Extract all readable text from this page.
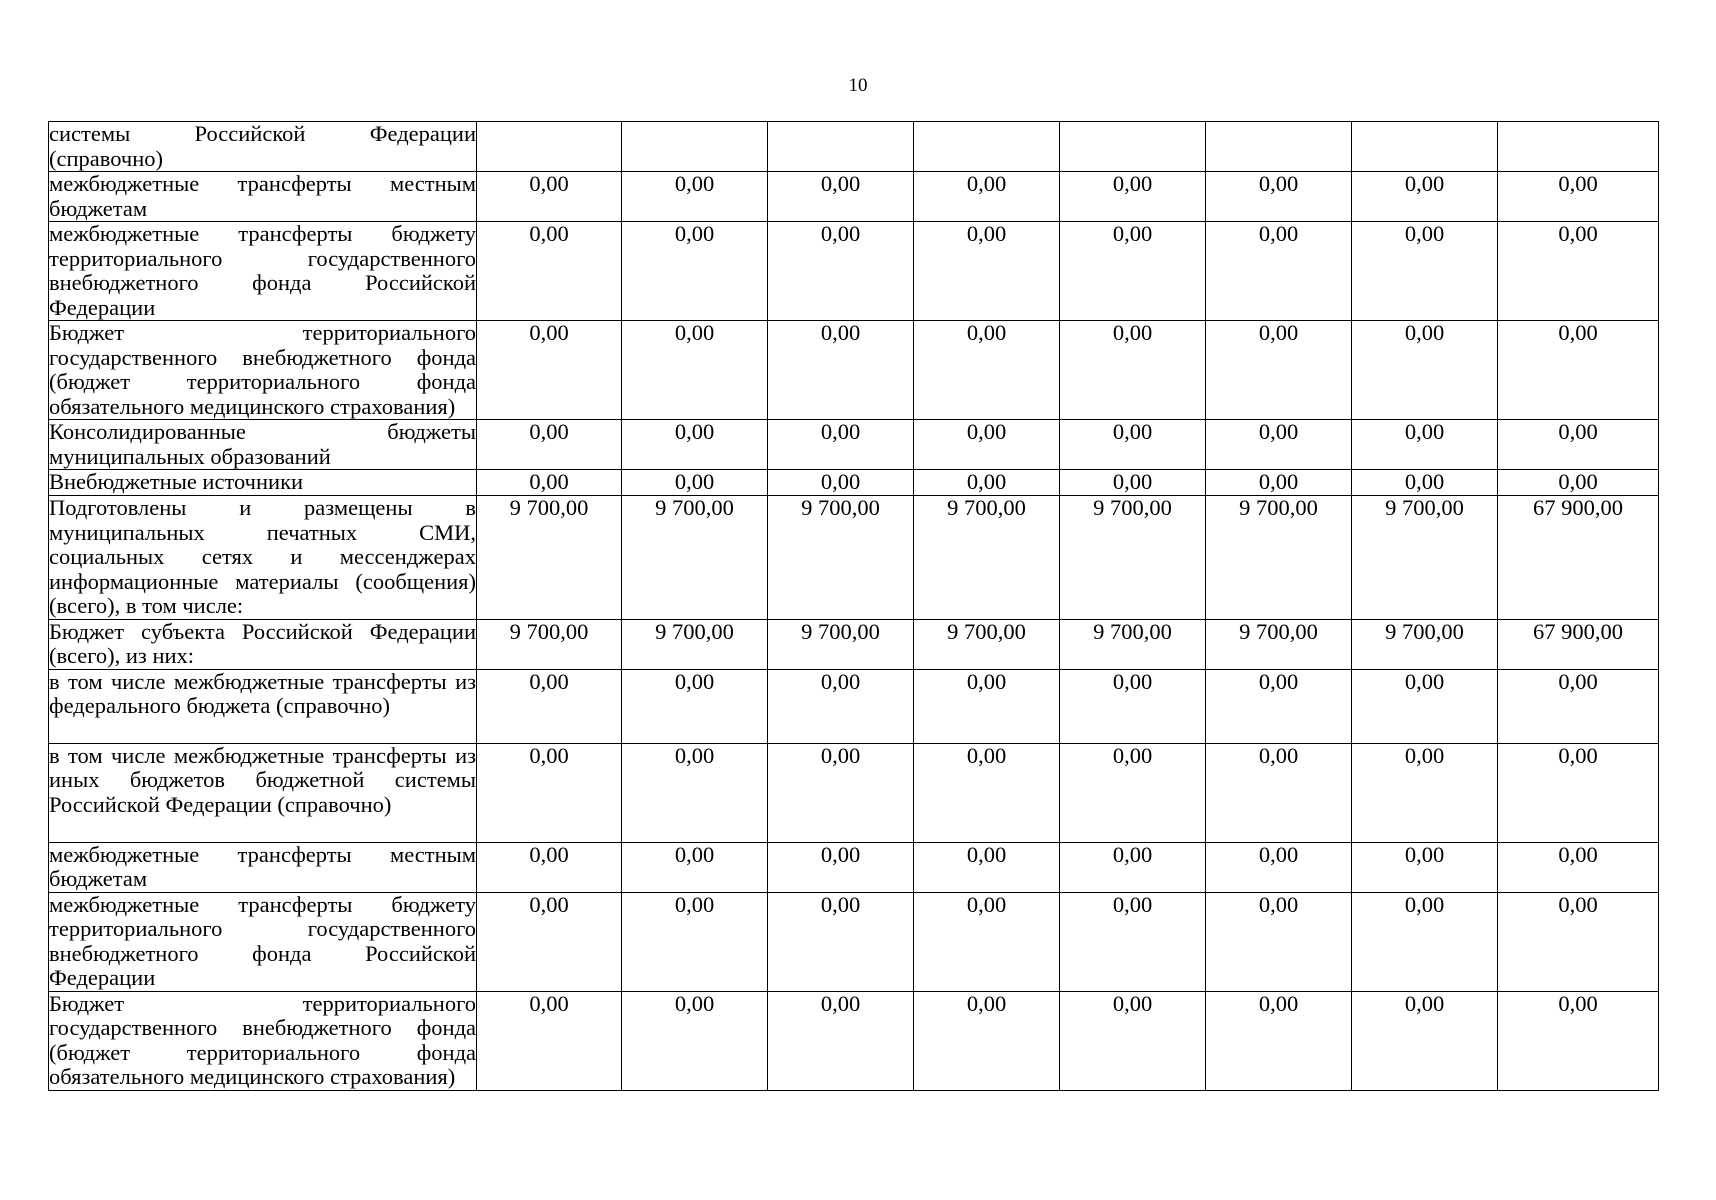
10
системы Российской Федерации (справочно)								
межбюджетные трансферты местным бюджетам	0,00	0,00	0,00	0,00	0,00	0,00	0,00	0,00
межбюджетные трансферты бюджету территориального государственного внебюджетного фонда Российской Федерации	0,00	0,00	0,00	0,00	0,00	0,00	0,00	0,00
Бюджет территориального государственного внебюджетного фонда (бюджет территориального фонда обязательного медицинского страхования)	0,00	0,00	0,00	0,00	0,00	0,00	0,00	0,00
Консолидированные бюджеты муниципальных образований	0,00	0,00	0,00	0,00	0,00	0,00	0,00	0,00
Внебюджетные источники	0,00	0,00	0,00	0,00	0,00	0,00	0,00	0,00
Подготовлены и размещены в муниципальных печатных СМИ, социальных сетях и мессенджерах информационные материалы (сообщения) (всего), в том числе:	9 700,00	9 700,00	9 700,00	9 700,00	9 700,00	9 700,00	9 700,00	67 900,00
Бюджет субъекта Российской Федерации (всего), из них:	9 700,00	9 700,00	9 700,00	9 700,00	9 700,00	9 700,00	9 700,00	67 900,00
в том числе межбюджетные трансферты из федерального бюджета (справочно)	0,00	0,00	0,00	0,00	0,00	0,00	0,00	0,00
в том числе межбюджетные трансферты из иных бюджетов бюджетной системы Российской Федерации (справочно)	0,00	0,00	0,00	0,00	0,00	0,00	0,00	0,00
межбюджетные трансферты местным бюджетам	0,00	0,00	0,00	0,00	0,00	0,00	0,00	0,00
межбюджетные трансферты бюджету территориального государственного внебюджетного фонда Российской Федерации	0,00	0,00	0,00	0,00	0,00	0,00	0,00	0,00
Бюджет территориального государственного внебюджетного фонда (бюджет территориального фонда обязательного медицинского страхования)	0,00	0,00	0,00	0,00	0,00	0,00	0,00	0,00
